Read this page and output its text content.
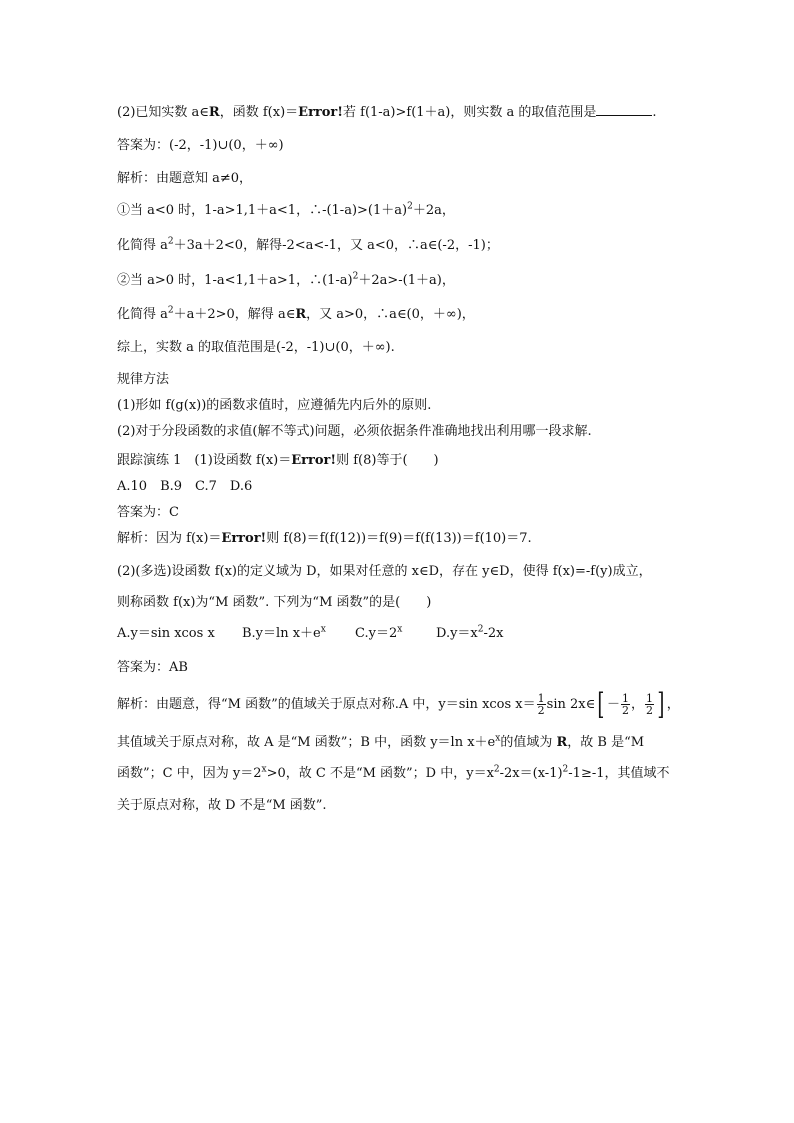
(2)已知实数 a∈R，函数 f(x)＝Error!若 f(1-a)>f(1＋a)，则实数 a 的取值范围是	.
答案为：(-2，-1)∪(0，＋∞)
解析：由题意知 a≠0，
①当 a<0 时，1-a>1,1＋a<1，$\therefore-(1-a)>(1+a)^2+2a$，
化简得 $a^2+3a+2<0$，解得-2<a<-1，又 a<0，∴a∈(-2，-1)；
②当 a>0 时，1-a<1,1＋a>1，$\therefore(1-a)^2+2a>-(1+a)$，
化简得 $a^2+a+2>0$，解得 a∈R，又 a>0，∴a∈(0，＋∞)，
综上，实数 a 的取值范围是(-2，-1)∪(0，＋∞).
规律方法
(1)形如 f(g(x))的函数求值时，应遵循先内后外的原则.
(2)对于分段函数的求值(解不等式)问题，必须依据条件准确地找出利用哪一段求解.
跟踪演练 1　(1)设函数 f(x)＝Error!则 f(8)等于(　　)
A.10　B.9　C.7　D.6
答案为：C
解析：因为 f(x)＝Error!则 f(8)＝f(f(12))＝f(9)＝f(f(13))＝f(10)＝7.
(2)(多选)设函数 f(x)的定义域为 D，如果对任意的 x∈D，存在 y∈D，使得 f(x)=-f(y)成立，
则称函数 f(x)为“M 函数”. 下列为“M 函数”的是(　　)
A.y＝sin xcos x B.y＝ln $x+e^x$ $C.y=2^x$	$D.y=x^2-2x$
答案为：AB
解析：由题意，得“M 函数”的值域关于原点对称.A 中，y＝sin xcos $x= \frac{1}{2}$ sin 2x∈[ － $\frac{1}{2}$ ， $\frac{1}{2}$ ] ，
其值域关于原点对称，故 A 是“M 函数”；B 中，函数 y＝ln $x+e^x$的值域为 R，故 B 是“M
函数”；C 中，因为 $y=2^x>0$，故 C 不是“M 函数”；D 中，$y=x^2-2x=(x-1)^2-1\ge-1$，其值域不
关于原点对称，故 D 不是“M 函数”.
